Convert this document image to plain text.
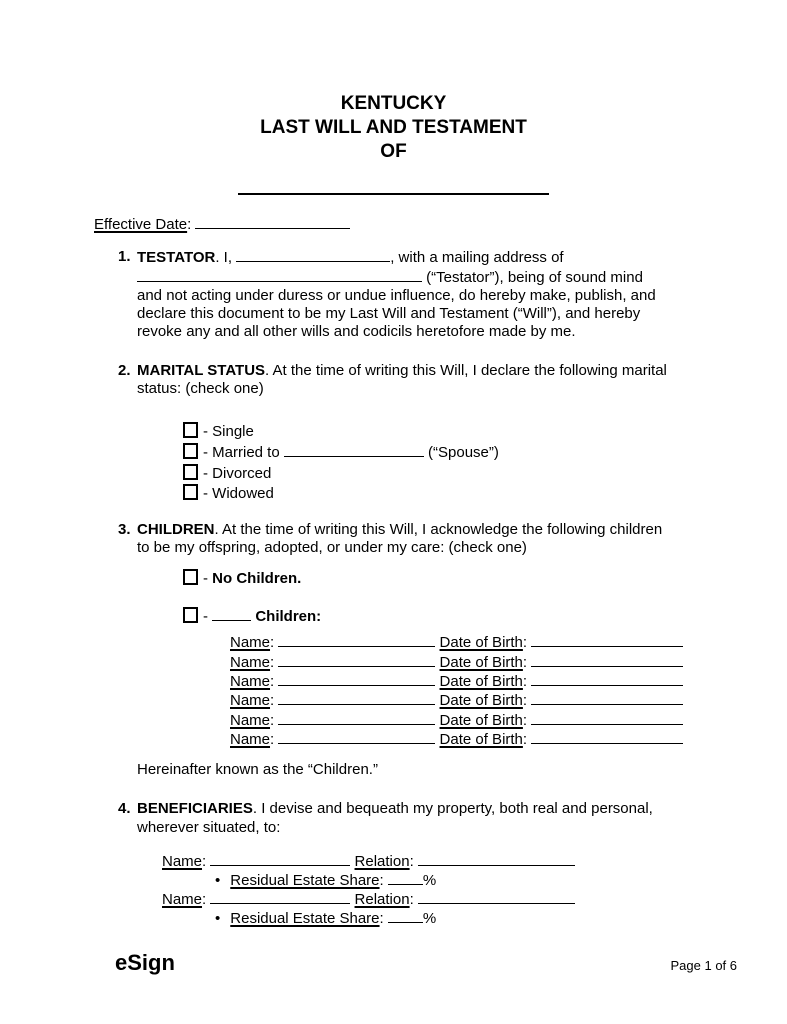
KENTUCKY
LAST WILL AND TESTAMENT
OF
Effective Date:
1. TESTATOR. I,	, with a mailing address of
(“Testator”), being of sound mind
and not acting under duress or undue influence, do hereby make, publish, and
declare this document to be my Last Will and Testament (“Will”), and hereby
revoke any and all other wills and codicils heretofore made by me.
2. MARITAL STATUS. At the time of writing this Will, I declare the following marital
status: (check one)
- Single
- Married to	(“Spouse”)
- Divorced
- Widowed
3. CHILDREN. At the time of writing this Will, I acknowledge the following children
to be my offspring, adopted, or under my care: (check one)
- No Children.
-	Children:
Name:	Date of Birth:
Name:	Date of Birth:
Name:	Date of Birth:
Name:	Date of Birth:
Name:	Date of Birth:
Name:	Date of Birth:
Hereinafter known as the “Children.”
4. BENEFICIARIES. I devise and bequeath my property, both real and personal,
wherever situated, to:
Name:	Relation:
• Residual Estate Share:	%
Name:	Relation:
• Residual Estate Share:	%
eSign	Page 1 of 6
